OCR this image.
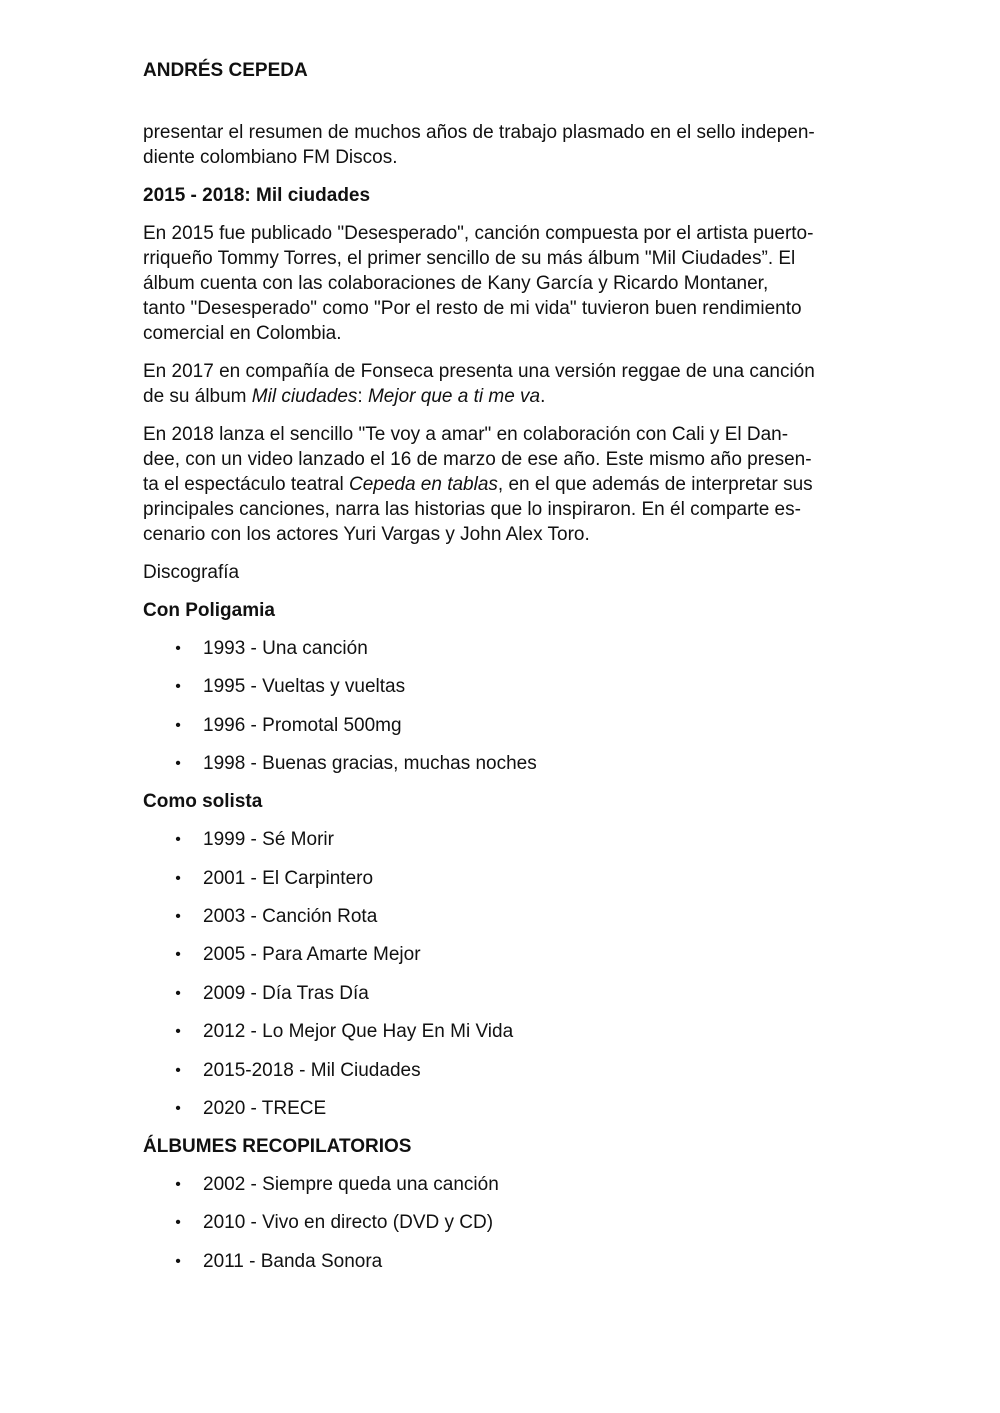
ANDRÉS CEPEDA

presentar el resumen de muchos años de trabajo plasmado en el sello indepen-
diente colombiano FM Discos.

2015 - 2018: Mil ciudades

En 2015 fue publicado "Desesperado", canción compuesta por el artista puerto-
rriqueño Tommy Torres, el primer sencillo de su más álbum "Mil Ciudades”. El
álbum cuenta con las colaboraciones de Kany García y Ricardo Montaner,
tanto "Desesperado" como "Por el resto de mi vida" tuvieron buen rendimiento
comercial en Colombia.

En 2017 en compañía de Fonseca presenta una versión reggae de una canción
de su álbum Mil ciudades: Mejor que a ti me va.

En 2018 lanza el sencillo "Te voy a amar" en colaboración con Cali y El Dan-
dee, con un video lanzado el 16 de marzo de ese año. Este mismo año presen-
ta el espectáculo teatral Cepeda en tablas, en el que además de interpretar sus
principales canciones, narra las historias que lo inspiraron. En él comparte es-
cenario con los actores Yuri Vargas y John Alex Toro.

Discografía

Con Poligamia
• 1993 - Una canción
• 1995 - Vueltas y vueltas
• 1996 - Promotal 500mg
• 1998 - Buenas gracias, muchas noches
Como solista
• 1999 - Sé Morir
• 2001 - El Carpintero
• 2003 - Canción Rota
• 2005 - Para Amarte Mejor
• 2009 - Día Tras Día
• 2012 - Lo Mejor Que Hay En Mi Vida
• 2015-2018 - Mil Ciudades
• 2020 - TRECE
ÁLBUMES RECOPILATORIOS
• 2002 - Siempre queda una canción
• 2010 - Vivo en directo (DVD y CD)
• 2011 - Banda Sonora
